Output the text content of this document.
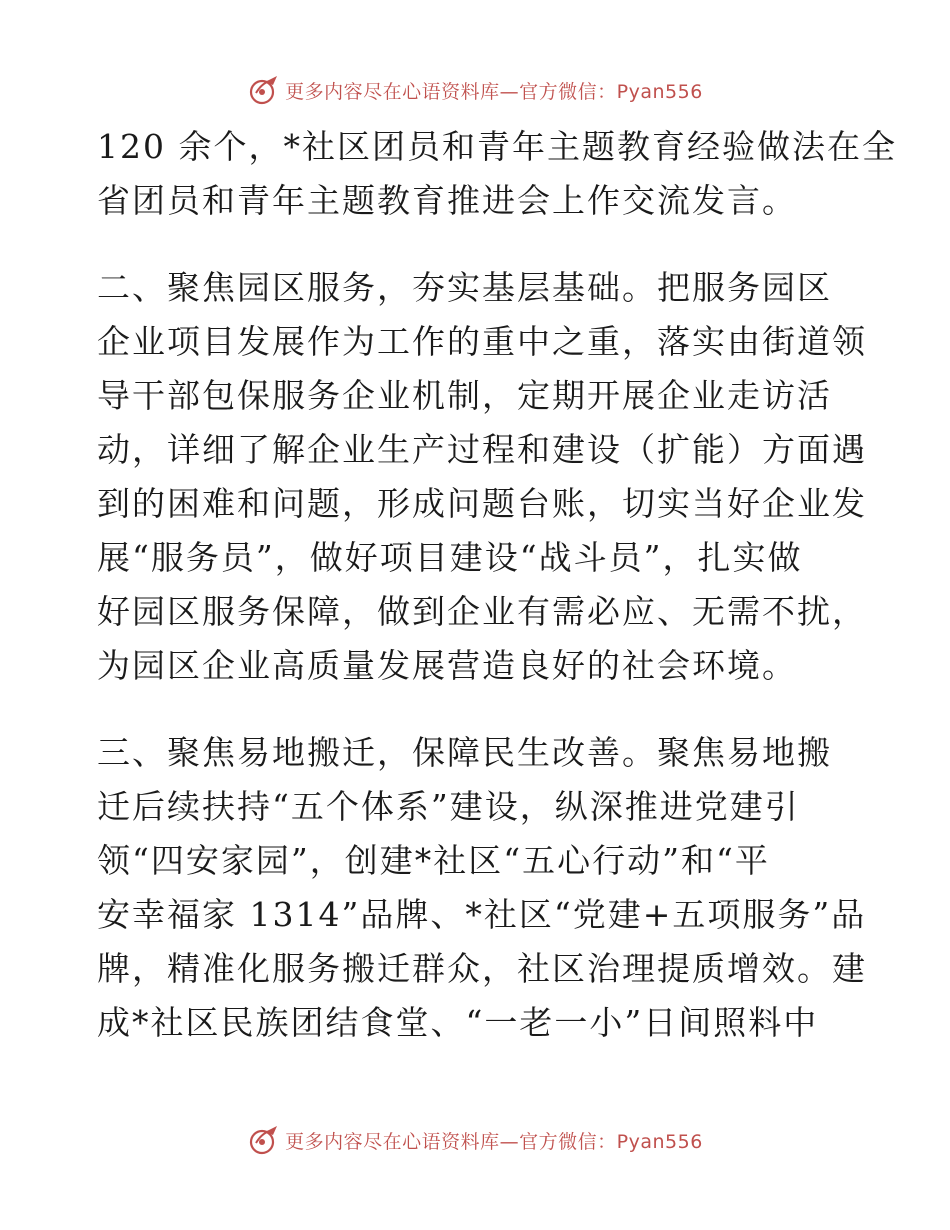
更多内容尽在心语资料库—官方微信：Pyan556
120 余个，*社区团员和青年主题教育经验做法在全
省团员和青年主题教育推进会上作交流发言。
二、聚焦园区服务，夯实基层基础。把服务园区
企业项目发展作为工作的重中之重，落实由街道领
导干部包保服务企业机制，定期开展企业走访活
动，详细了解企业生产过程和建设（扩能）方面遇
到的困难和问题，形成问题台账，切实当好企业发
展“服务员”，做好项目建设“战斗员”，扎实做
好园区服务保障，做到企业有需必应、无需不扰，
为园区企业高质量发展营造良好的社会环境。
三、聚焦易地搬迁，保障民生改善。聚焦易地搬
迁后续扶持“五个体系”建设，纵深推进党建引
领“四安家园”，创建*社区“五心行动”和“平
安幸福家 1314”品牌、*社区“党建+五项服务”品
牌，精准化服务搬迁群众，社区治理提质增效。建
成*社区民族团结食堂、“一老一小”日间照料中
更多内容尽在心语资料库—官方微信：Pyan556
